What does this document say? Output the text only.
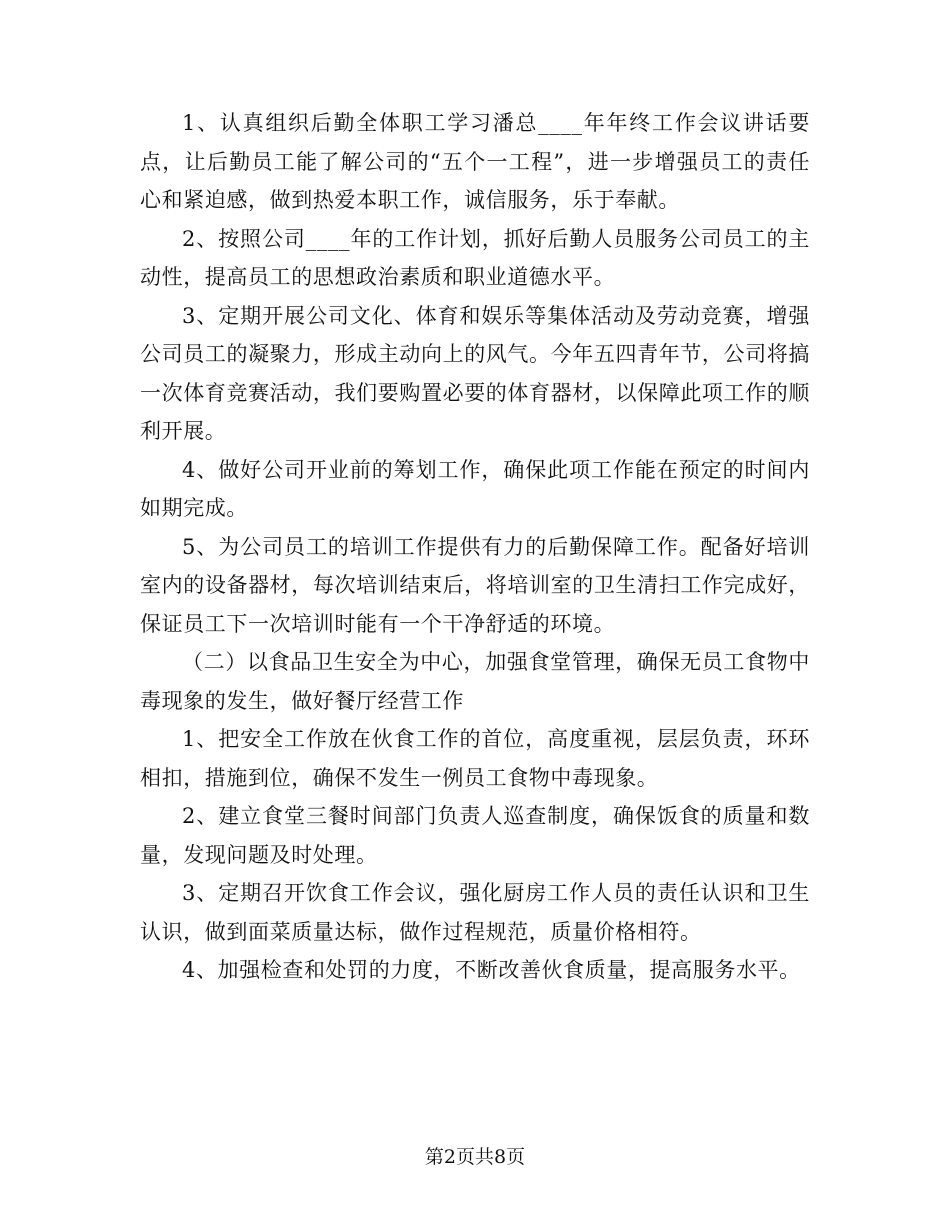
1、认真组织后勤全体职工学习潘总____年年终工作会议讲话要点，让后勤员工能了解公司的“五个一工程”，进一步增强员工的责任心和紧迫感，做到热爱本职工作，诚信服务，乐于奉献。

2、按照公司____年的工作计划，抓好后勤人员服务公司员工的主动性，提高员工的思想政治素质和职业道德水平。

3、定期开展公司文化、体育和娱乐等集体活动及劳动竞赛，增强公司员工的凝聚力，形成主动向上的风气。今年五四青年节，公司将搞一次体育竞赛活动，我们要购置必要的体育器材，以保障此项工作的顺利开展。

4、做好公司开业前的筹划工作，确保此项工作能在预定的时间内如期完成。

5、为公司员工的培训工作提供有力的后勤保障工作。配备好培训室内的设备器材，每次培训结束后，将培训室的卫生清扫工作完成好，保证员工下一次培训时能有一个干净舒适的环境。

（二）以食品卫生安全为中心，加强食堂管理，确保无员工食物中毒现象的发生，做好餐厅经营工作

1、把安全工作放在伙食工作的首位，高度重视，层层负责，环环相扣，措施到位，确保不发生一例员工食物中毒现象。

2、建立食堂三餐时间部门负责人巡查制度，确保饭食的质量和数量，发现问题及时处理。

3、定期召开饮食工作会议，强化厨房工作人员的责任认识和卫生认识，做到面菜质量达标，做作过程规范，质量价格相符。

4、加强检查和处罚的力度，不断改善伙食质量，提高服务水平。

第2页共8页
